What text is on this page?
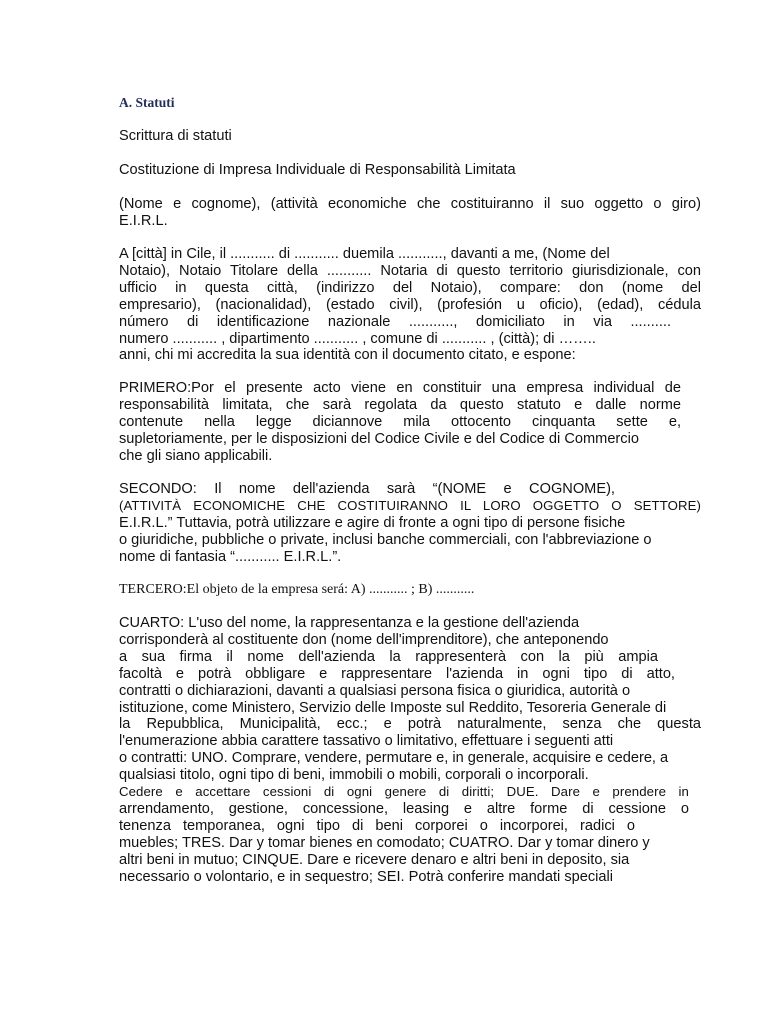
A. Statuti

Scrittura di statuti

Costituzione di Impresa Individuale di Responsabilità Limitata

(Nome e cognome), (attività economiche che costituiranno il suo oggetto o giro)
E.I.R.L.
A [città] in Cile, il ........... di ........... duemila ..........., davanti a me, (Nome del
Notaio), Notaio Titolare della ........... Notaria di questo territorio giurisdizionale, con
ufficio in questa città, (indirizzo del Notaio), compare: don (nome del
empresario), (nacionalidad), (estado civil), (profesión u oficio), (edad), cédula
número di identificazione nazionale ..........., domiciliato in via ..........
numero ........... , dipartimento ........... , comune di ........... , (città); di ……..
anni, chi mi accredita la sua identità con il documento citato, e espone:
PRIMERO:Por el presente acto viene en constituir una empresa individual de
responsabilità limitata, che sarà regolata da questo statuto e dalle norme
contenute nella legge diciannove mila ottocento cinquanta sette e,
supletoriamente, per le disposizioni del Codice Civile e del Codice di Commercio
che gli siano applicabili.
SECONDO: Il nome dell'azienda sarà “(NOME e COGNOME),
(ATTIVITÀ ECONOMICHE CHE COSTITUIRANNO IL LORO OGGETTO O SETTORE)
E.I.R.L.” Tuttavia, potrà utilizzare e agire di fronte a ogni tipo di persone fisiche
o giuridiche, pubbliche o private, inclusi banche commerciali, con l'abbreviazione o
nome di fantasia “........... E.I.R.L.”.

TERCERO:El objeto de la empresa será: A) ........... ; B) ...........

CUARTO: L'uso del nome, la rappresentanza e la gestione dell'azienda
corrisponderà al costituente don (nome dell'imprenditore), che anteponendo
a sua firma il nome dell'azienda la rappresenterà con la più ampia
facoltà e potrà obbligare e rappresentare l'azienda in ogni tipo di atto,
contratti o dichiarazioni, davanti a qualsiasi persona fisica o giuridica, autorità o
istituzione, come Ministero, Servizio delle Imposte sul Reddito, Tesoreria Generale di
la Repubblica, Municipalità, ecc.; e potrà naturalmente, senza che questa
l'enumerazione abbia carattere tassativo o limitativo, effettuare i seguenti atti
o contratti: UNO. Comprare, vendere, permutare e, in generale, acquisire e cedere, a
qualsiasi titolo, ogni tipo di beni, immobili o mobili, corporali o incorporali.
Cedere e accettare cessioni di ogni genere di diritti; DUE. Dare e prendere in
arrendamento, gestione, concessione, leasing e altre forme di cessione o
tenenza temporanea, ogni tipo di beni corporei o incorporei, radici o
muebles; TRES. Dar y tomar bienes en comodato; CUATRO. Dar y tomar dinero y
altri beni in mutuo; CINQUE. Dare e ricevere denaro e altri beni in deposito, sia
necessario o volontario, e in sequestro; SEI. Potrà conferire mandati speciali
